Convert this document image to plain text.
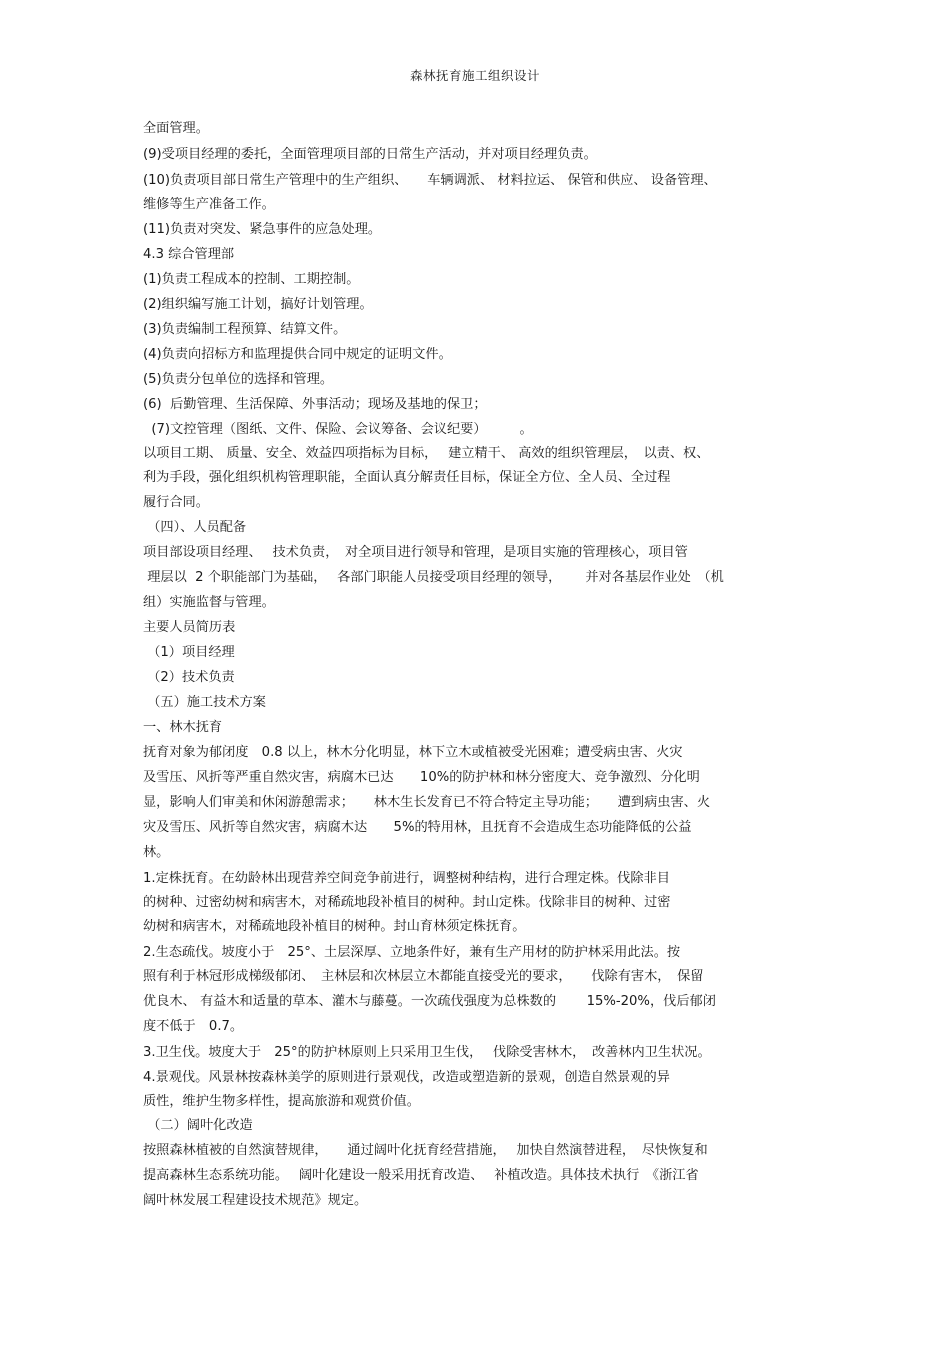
森林抚育施工组织设计
全面管理。
(9)受项目经理的委托，全面管理项目部的日常生产活动，并对项目经理负责。
(10)负责项目部日常生产管理中的生产组织、　　车辆调派、 材料拉运、 保管和供应、 设备管理、
维修等生产准备工作。
(11)负责对突发、紧急事件的应急处理。
4.3 综合管理部
(1)负责工程成本的控制、工期控制。
(2)组织编写施工计划，搞好计划管理。
(3)负责编制工程预算、结算文件。
(4)负责向招标方和监理提供合同中规定的证明文件。
(5)负责分包单位的选择和管理。
(6)  后勤管理、生活保障、外事活动；现场及基地的保卫；
(7)文控管理（图纸、文件、保险、会议筹备、会议纪要）　　　。
以项目工期、 质量、安全、效益四项指标为目标，　 建立精干、 高效的组织管理层，　以责、权、
利为手段，强化组织机构管理职能，全面认真分解责任目标，保证全方位、全人员、全过程
履行合同。
（四）、人员配备
项目部设项目经理、　 技术负责，　对全项目进行领导和管理，是项目实施的管理核心，项目管
理层以  2 个职能部门为基础，　 各部门职能人员接受项目经理的领导，　　 并对各基层作业处　（机
组）实施监督与管理。
主要人员简历表
（1）项目经理
（2）技术负责
（五）施工技术方案
一、林木抚育
抚育对象为郁闭度　0.8 以上，林木分化明显，林下立木或植被受光困难；遭受病虫害、火灾
及雪压、风折等严重自然灾害，病腐木已达　　10%的防护林和林分密度大、竞争激烈、分化明
显，影响人们审美和休闲游憩需求；　　林木生长发育已不符合特定主导功能；　　遭到病虫害、火
灾及雪压、风折等自然灾害，病腐木达　　5%的特用林，且抚育不会造成生态功能降低的公益
林。
1.定株抚育。在幼龄林出现营养空间竞争前进行，调整树种结构，进行合理定株。伐除非目
的树种、过密幼树和病害木，对稀疏地段补植目的树种。封山定株。伐除非目的树种、过密
幼树和病害木，对稀疏地段补植目的树种。封山育林须定株抚育。
2.生态疏伐。坡度小于　25°、土层深厚、立地条件好，兼有生产用材的防护林采用此法。按
照有利于林冠形成梯级郁闭、　主林层和次林层立木都能直接受光的要求，　　伐除有害木，　保留
优良木、 有益木和适量的草本、灌木与藤蔓。一次疏伐强度为总株数的　　 15%-20%，伐后郁闭
度不低于　0.7。
3.卫生伐。坡度大于　25°的防护林原则上只采用卫生伐，　 伐除受害林木，　改善林内卫生状况。
4.景观伐。风景林按森林美学的原则进行景观伐，改造或塑造新的景观，创造自然景观的异
质性，维护生物多样性，提高旅游和观赏价值。
（二）阔叶化改造
按照森林植被的自然演替规律，　　通过阔叶化抚育经营措施，　 加快自然演替进程，　尽快恢复和
提高森林生态系统功能。　 阔叶化建设一般采用抚育改造、　 补植改造。具体技术执行　《浙江省
阔叶林发展工程建设技术规范》规定。
